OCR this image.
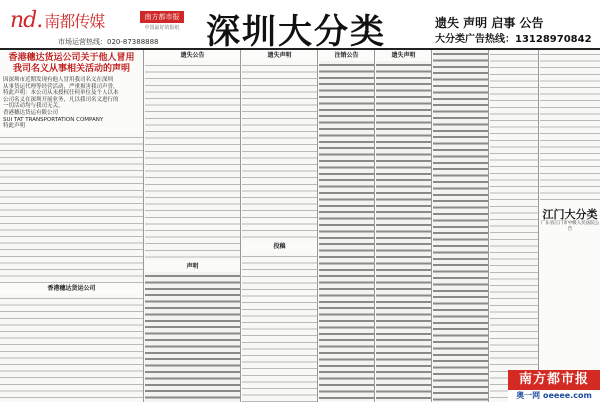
nd. 南都传媒	南方都市报
中国最好的报纸
市场运营热线：020-87388888 深圳大分类	遗失 声明 启事 公告
大分类广告热线：13128970842
香港穗达货运公司关于他人冒用
我司名义从事相关活动的声明
因深圳市近期发现有他人冒用我司名义在深圳
从事货运代理等经营活动，严重损害我司声誉，
特此声明：本公司从未授权任何单位及个人以本
公司名义在深圳开展业务，凡以我司名义进行的
一切活动均与我司无关。
香港穗达货运有限公司
SUI TAT TRANSPORTATION COMPANY
特此声明
香港穗达货运公司
遗失公告
声明
遗失声明
投稿
注销公告	遗失声明
江门大分类
广东省江门市中级人民法院公告
南方都市报
奥一网 oeeee.com
